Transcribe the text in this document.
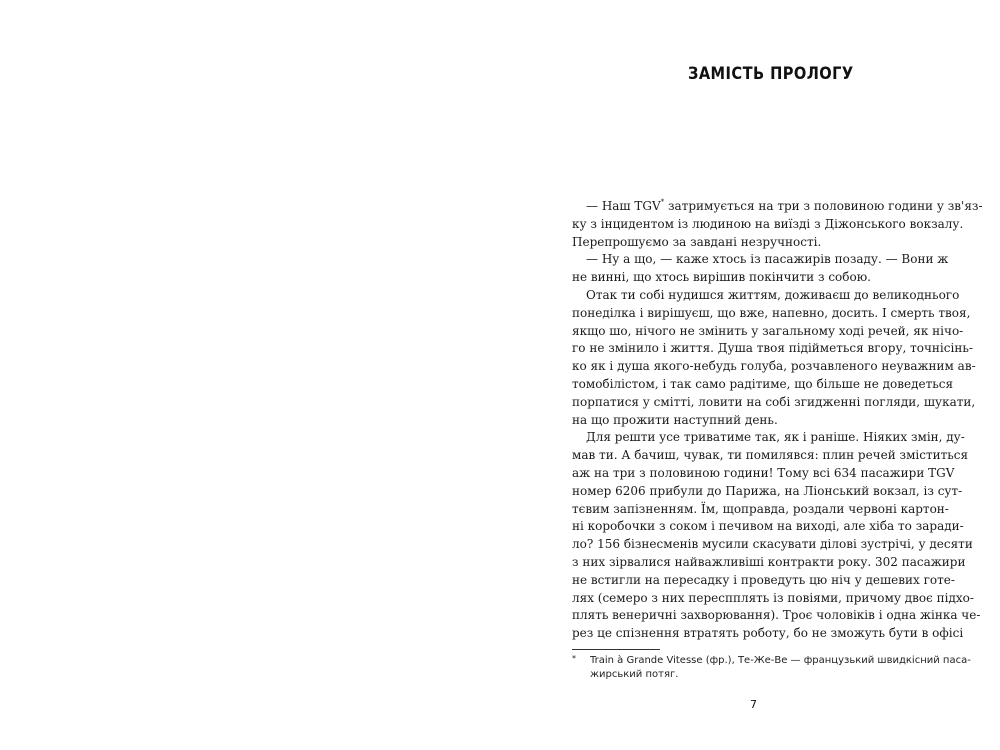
ЗАМІСТЬ ПРОЛОГУ
— Наш TGV* затримується на три з половиною години у зв'яз-
ку з інцидентом із людиною на виїзді з Діжонського вокзалу.
Перепрошуємо за завдані незручності.
— Ну а що, — каже хтось із пасажирів позаду. — Вони ж
не винні, що хтось вирішив покінчити з собою.
Отак ти собі нудишся життям, доживаєш до великоднього
понеділка і вирішуєш, що вже, напевно, досить. І смерть твоя,
якщо шо, нічого не змінить у загальному ході речей, як нічо-
го не змінило і життя. Душа твоя підійметься вгору, точнісінь-
ко як і душа якого-небудь голуба, розчавленого неуважним ав-
томобілістом, і так само радітиме, що більше не доведеться
порпатися у смітті, ловити на собі згидженні погляди, шукати,
на що прожити наступний день.
Для решти усе триватиме так, як і раніше. Ніяких змін, ду-
мав ти. А бачиш, чувак, ти помилявся: плин речей зміститься
аж на три з половиною години! Тому всі 634 пасажири TGV
номер 6206 прибули до Парижа, на Ліонський вокзал, із сут-
тєвим запізненням. Їм, щоправда, роздали червоні картон-
ні коробочки з соком і печивом на виході, але хіба то заради-
ло? 156 бізнесменів мусили скасувати ділові зустрічі, у десяти
з них зірвалися найважливіші контракти року. 302 пасажири
не встигли на пересадку і проведуть цю ніч у дешевих готе-
лях (семеро з них переспплять із повіями, причому двоє підхо-
плять венеричні захворювання). Троє чоловіків і одна жінка че-
рез це спізнення втратять роботу, бо не зможуть бути в офісі
* Train à Grande Vitesse (фр.), Те-Же-Ве — французький швидкісний паса-
жирський потяг.
7
